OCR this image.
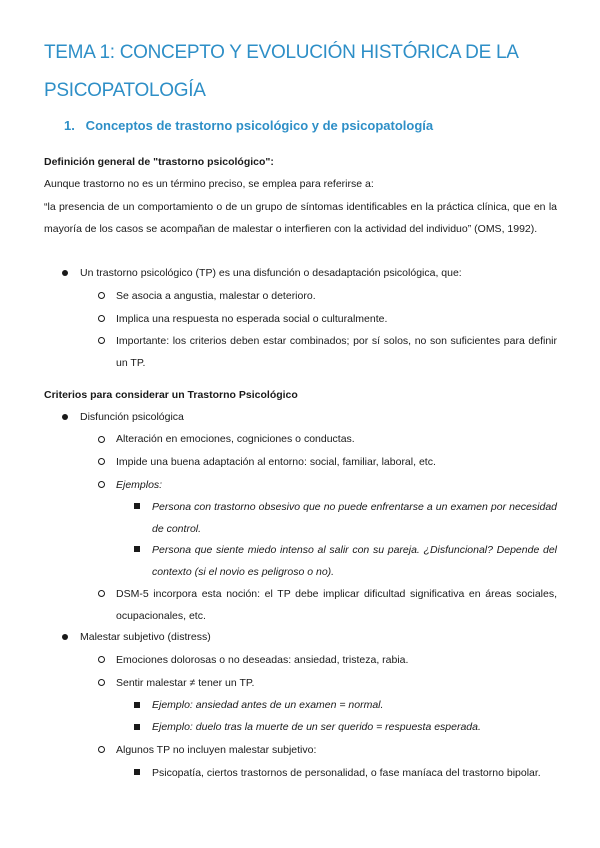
TEMA 1: CONCEPTO Y EVOLUCIÓN HISTÓRICA DE LA PSICOPATOLOGÍA
1.   Conceptos de trastorno psicológico y de psicopatología

Definición general de "trastorno psicológico":

Aunque trastorno no es un término preciso, se emplea para referirse a:

“la presencia de un comportamiento o de un grupo de síntomas identificables en la práctica clínica, que en la mayoría de los casos se acompañan de malestar o interfieren con la actividad del individuo” (OMS, 1992).

Un trastorno psicológico (TP) es una disfunción o desadaptación psicológica, que:

Se asocia a angustia, malestar o deterioro.

Implica una respuesta no esperada social o culturalmente.

Importante: los criterios deben estar combinados; por sí solos, no son suficientes para definir un TP.

Criterios para considerar un Trastorno Psicológico

Disfunción psicológica

Alteración en emociones, cogniciones o conductas.

Impide una buena adaptación al entorno: social, familiar, laboral, etc.

Ejemplos:

Persona con trastorno obsesivo que no puede enfrentarse a un examen por necesidad de control.

Persona que siente miedo intenso al salir con su pareja. ¿Disfuncional? Depende del contexto (si el novio es peligroso o no).

DSM-5 incorpora esta noción: el TP debe implicar dificultad significativa en áreas sociales, ocupacionales, etc.

Malestar subjetivo (distress)

Emociones dolorosas o no deseadas: ansiedad, tristeza, rabia.

Sentir malestar ≠ tener un TP.

Ejemplo: ansiedad antes de un examen = normal.

Ejemplo: duelo tras la muerte de un ser querido = respuesta esperada.

Algunos TP no incluyen malestar subjetivo:

Psicopatía, ciertos trastornos de personalidad, o fase maníaca del trastorno bipolar.
